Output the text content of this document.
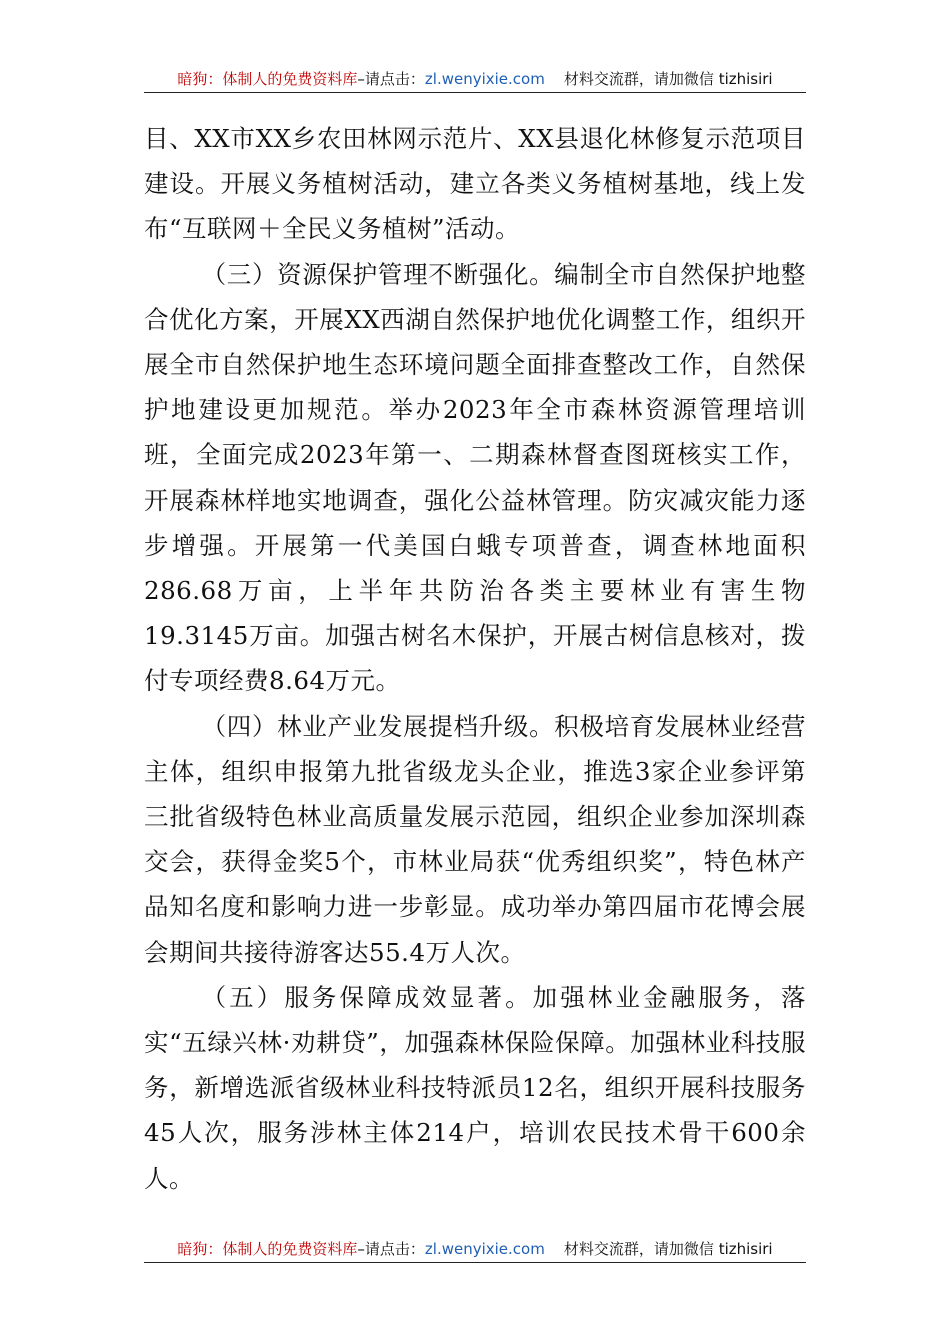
暗狗：体制人的免费资料库–请点击：zl.wenyixie.com 材料交流群，请加微信 tizhisiri

目、XX市XX乡农田林网示范片、XX县退化林修复示范项目建设。开展义务植树活动，建立各类义务植树基地，线上发布“互联网＋全民义务植树”活动。

（三）资源保护管理不断强化。编制全市自然保护地整合优化方案，开展XX西湖自然保护地优化调整工作，组织开展全市自然保护地生态环境问题全面排查整改工作，自然保护地建设更加规范。举办2023年全市森林资源管理培训班，全面完成2023年第一、二期森林督查图斑核实工作，开展森林样地实地调查，强化公益林管理。防灾减灾能力逐步增强。开展第一代美国白蛾专项普查，调查林地面积286.68万亩，上半年共防治各类主要林业有害生物19.3145万亩。加强古树名木保护，开展古树信息核对，拨付专项经费8.64万元。

（四）林业产业发展提档升级。积极培育发展林业经营主体，组织申报第九批省级龙头企业，推选3家企业参评第三批省级特色林业高质量发展示范园，组织企业参加深圳森交会，获得金奖5个，市林业局获“优秀组织奖”，特色林产品知名度和影响力进一步彰显。成功举办第四届市花博会展会期间共接待游客达55.4万人次。

（五）服务保障成效显著。加强林业金融服务，落实“五绿兴林·劝耕贷”，加强森林保险保障。加强林业科技服务，新增选派省级林业科技特派员12名，组织开展科技服务45人次，服务涉林主体214户，培训农民技术骨干600余人。

暗狗：体制人的免费资料库–请点击：zl.wenyixie.com 材料交流群，请加微信 tizhisiri
